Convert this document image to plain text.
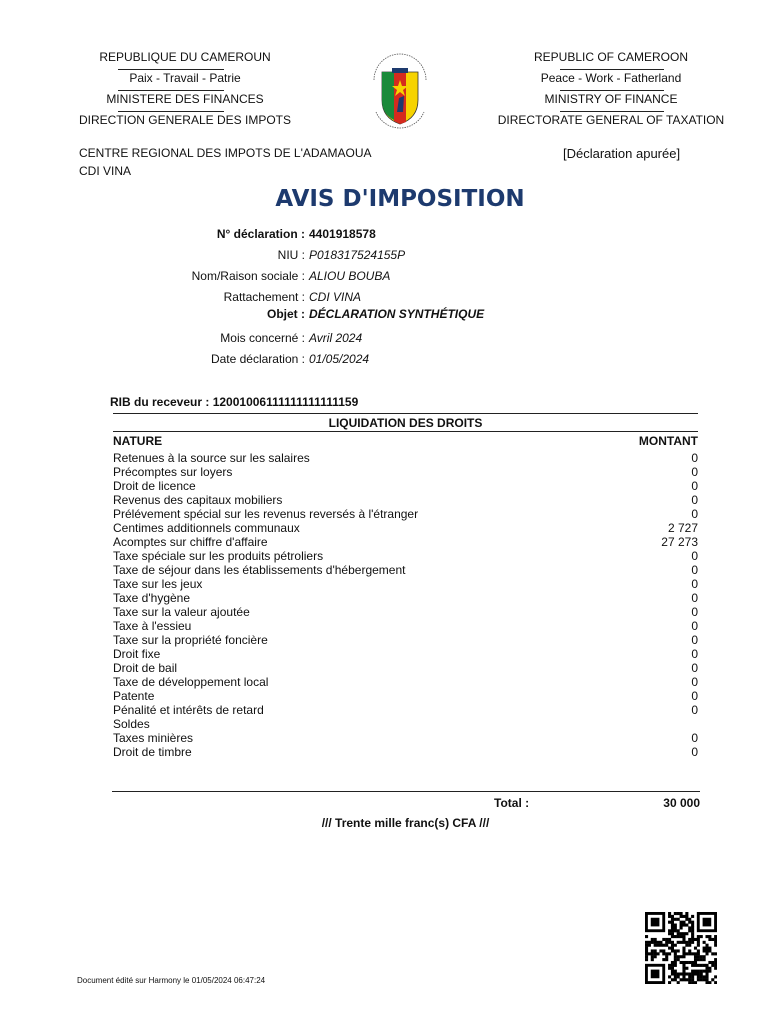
REPUBLIQUE DU CAMEROUN
Paix - Travail - Patrie
MINISTERE DES FINANCES
DIRECTION GENERALE DES IMPOTS
REPUBLIC OF CAMEROON
Peace - Work - Fatherland
MINISTRY OF FINANCE
DIRECTORATE GENERAL OF TAXATION
CENTRE REGIONAL DES IMPOTS DE L'ADAMAOUA
CDI VINA
[Déclaration apurée]
AVIS D'IMPOSITION
N° déclaration : 4401918578
NIU : P018317524155P
Nom/Raison sociale : ALIOU BOUBA
Rattachement : CDI VINA
Objet : DÉCLARATION SYNTHÉTIQUE
Mois concerné : Avril 2024
Date déclaration : 01/05/2024
RIB du receveur : 12001006111111111111159
LIQUIDATION DES DROITS
NATURE	MONTANT
Retenues à la source sur les salaires	0
Précomptes sur loyers	0
Droit de licence	0
Revenus des capitaux mobiliers	0
Prélévement spécial sur les revenus reversés à l'étranger	0
Centimes additionnels communaux	2 727
Acomptes sur chiffre d'affaire	27 273
Taxe spéciale sur les produits pétroliers	0
Taxe de séjour dans les établissements d'hébergement	0
Taxe sur les jeux	0
Taxe d'hygène	0
Taxe sur la valeur ajoutée	0
Taxe à l'essieu	0
Taxe sur la propriété foncière	0
Droit fixe	0
Droit de bail	0
Taxe de développement local	0
Patente	0
Pénalité et intérêts de retard	0
Soldes
Taxes minières	0
Droit de timbre	0
Total :	30 000
/// Trente mille franc(s) CFA ///
Document édité sur Harmony le 01/05/2024 06:47:24
